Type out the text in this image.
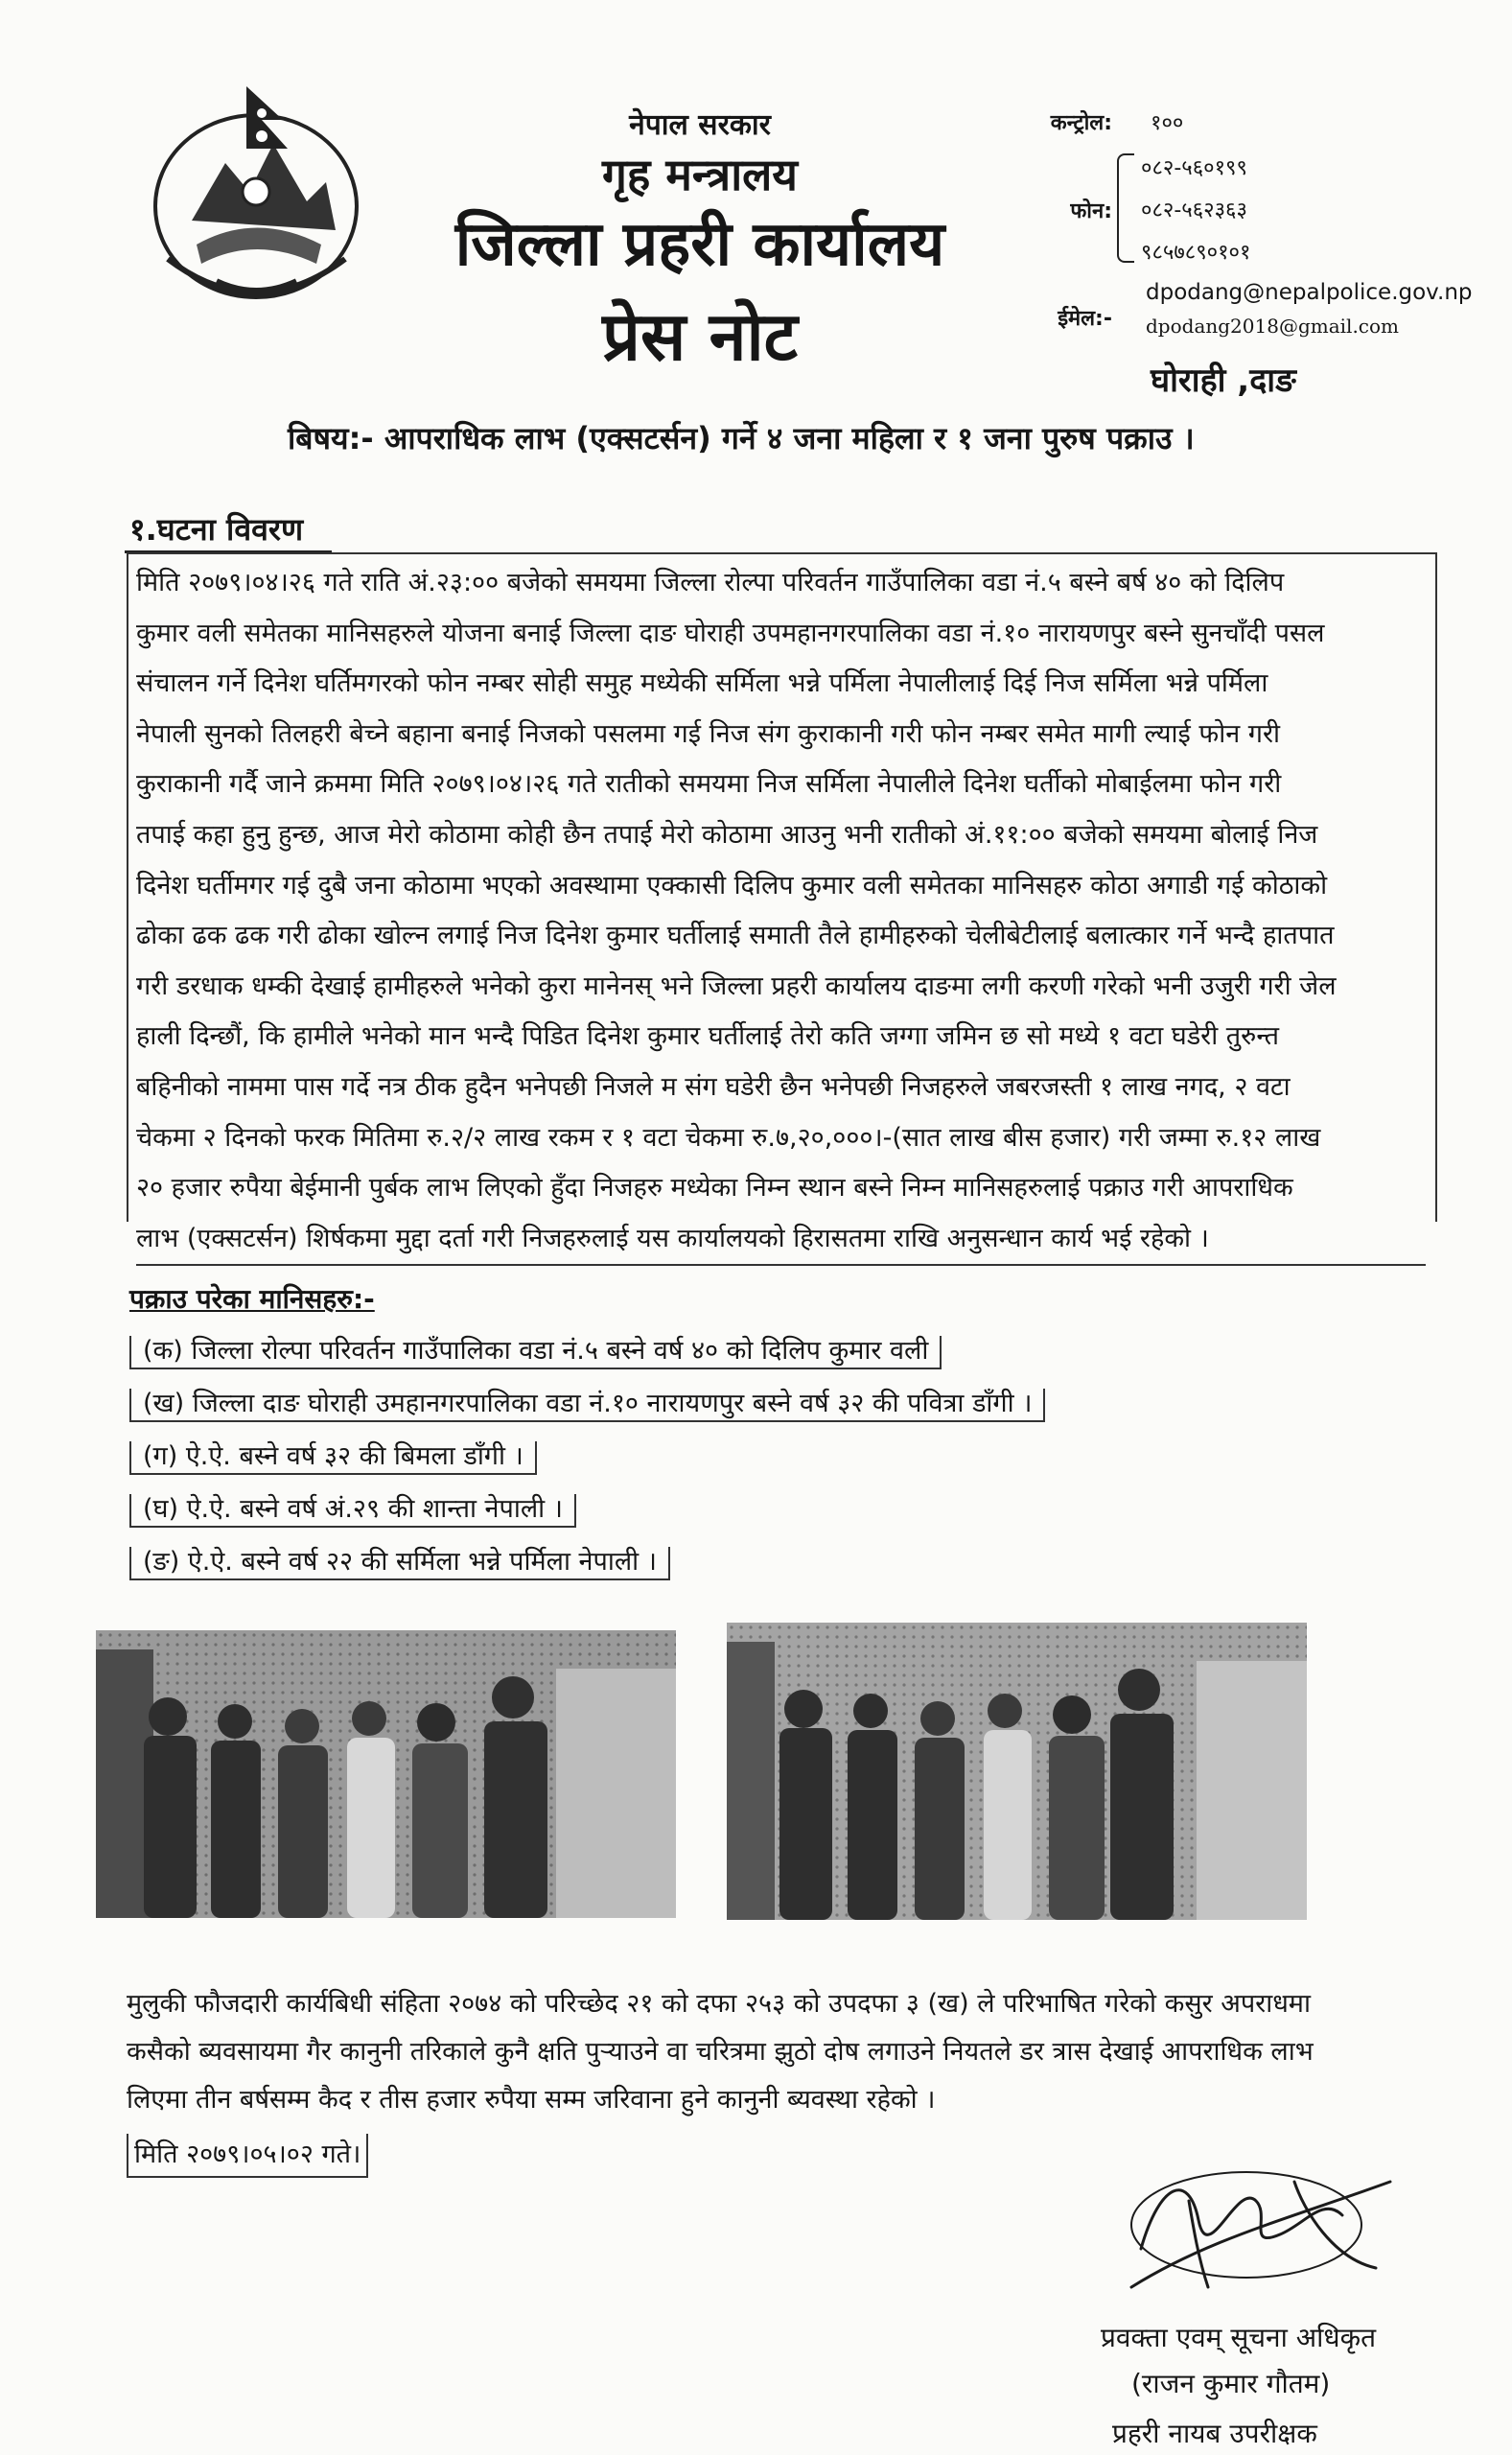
नेपाल सरकार
गृह मन्त्रालय
जिल्ला प्रहरी कार्यालय
प्रेस नोट
कन्ट्रोल: १००
फोन:
०८२-५६०१९९
०८२-५६२३६३
९८५७८९०१०१
ईमेल:-
dpodang@nepalpolice.gov.np
dpodang2018@gmail.com
घोराही ,दाङ
बिषय:- आपराधिक लाभ (एक्सटर्सन) गर्ने ४ जना महिला र १ जना पुरुष पक्राउ ।
१.घटना विवरण
मिति २०७९।०४।२६ गते राति अं.२३:०० बजेको समयमा जिल्ला रोल्पा परिवर्तन गाउँपालिका वडा नं.५ बस्ने बर्ष ४० को दिलिप
कुमार वली समेतका मानिसहरुले योजना बनाई जिल्ला दाङ घोराही उपमहानगरपालिका वडा नं.१० नारायणपुर बस्ने सुनचाँदी पसल
संचालन गर्ने दिनेश घर्तिमगरको फोन नम्बर सोही समुह मध्येकी सर्मिला भन्ने पर्मिला नेपालीलाई दिई निज सर्मिला भन्ने पर्मिला
नेपाली सुनको तिलहरी बेच्ने बहाना बनाई निजको पसलमा गई निज संग कुराकानी गरी फोन नम्बर समेत मागी ल्याई फोन गरी
कुराकानी गर्दै जाने क्रममा मिति २०७९।०४।२६ गते रातीको समयमा निज सर्मिला नेपालीले दिनेश घर्तीको मोबाईलमा फोन गरी
तपाई कहा हुनु हुन्छ, आज मेरो कोठामा कोही छैन तपाई मेरो कोठामा आउनु भनी रातीको अं.११:०० बजेको समयमा बोलाई निज
दिनेश घर्तीमगर गई दुबै जना कोठामा भएको अवस्थामा एक्कासी दिलिप कुमार वली समेतका मानिसहरु कोठा अगाडी गई कोठाको
ढोका ढक ढक गरी ढोका खोल्न लगाई निज दिनेश कुमार घर्तीलाई समाती तैले हामीहरुको चेलीबेटीलाई बलात्कार गर्ने भन्दै हातपात
गरी डरधाक धम्की देखाई हामीहरुले भनेको कुरा मानेनस् भने जिल्ला प्रहरी कार्यालय दाङमा लगी करणी गरेको भनी उजुरी गरी जेल
हाली दिन्छौं, कि हामीले भनेको मान भन्दै पिडित दिनेश कुमार घर्तीलाई तेरो कति जग्गा जमिन छ सो मध्ये १ वटा घडेरी तुरुन्त
बहिनीको नाममा पास गर्दे नत्र ठीक हुदैन भनेपछी निजले म संग घडेरी छैन भनेपछी निजहरुले जबरजस्ती १ लाख नगद, २ वटा
चेकमा २ दिनको फरक मितिमा रु.२/२ लाख रकम र १ वटा चेकमा रु.७,२०,०००।-(सात लाख बीस हजार) गरी जम्मा रु.१२ लाख
२० हजार रुपैया बेईमानी पुर्बक लाभ लिएको हुँदा निजहरु मध्येका निम्न स्थान बस्ने निम्न मानिसहरुलाई पक्राउ गरी आपराधिक
लाभ (एक्सटर्सन) शिर्षकमा मुद्दा दर्ता गरी निजहरुलाई यस कार्यालयको हिरासतमा राखि अनुसन्धान कार्य भई रहेको ।
पक्राउ परेका मानिसहरु:-
(क) जिल्ला रोल्पा परिवर्तन गाउँपालिका वडा नं.५ बस्ने वर्ष ४० को दिलिप कुमार वली
(ख) जिल्ला दाङ घोराही उमहानगरपालिका वडा नं.१० नारायणपुर बस्ने वर्ष ३२ की पवित्रा डाँगी ।
(ग) ऐ.ऐ. बस्ने वर्ष ३२ की बिमला डाँगी ।
(घ) ऐ.ऐ. बस्ने वर्ष अं.२९ की शान्ता नेपाली ।
(ङ) ऐ.ऐ. बस्ने वर्ष २२ की सर्मिला भन्ने पर्मिला नेपाली ।
मुलुकी फौजदारी कार्यबिधी संहिता २०७४ को परिच्छेद २१ को दफा २५३ को उपदफा ३ (ख) ले परिभाषित गरेको कसुर अपराधमा
कसैको ब्यवसायमा गैर कानुनी तरिकाले कुनै क्षति पुऱ्याउने वा चरित्रमा झुठो दोष लगाउने नियतले डर त्रास देखाई आपराधिक लाभ
लिएमा तीन बर्षसम्म कैद र तीस हजार रुपैया सम्म जरिवाना हुने कानुनी ब्यवस्था रहेको ।
मिति २०७९।०५।०२ गते।
प्रवक्ता एवम् सूचना अधिकृत
(राजन कुमार गौतम)
प्रहरी नायब उपरीक्षक
